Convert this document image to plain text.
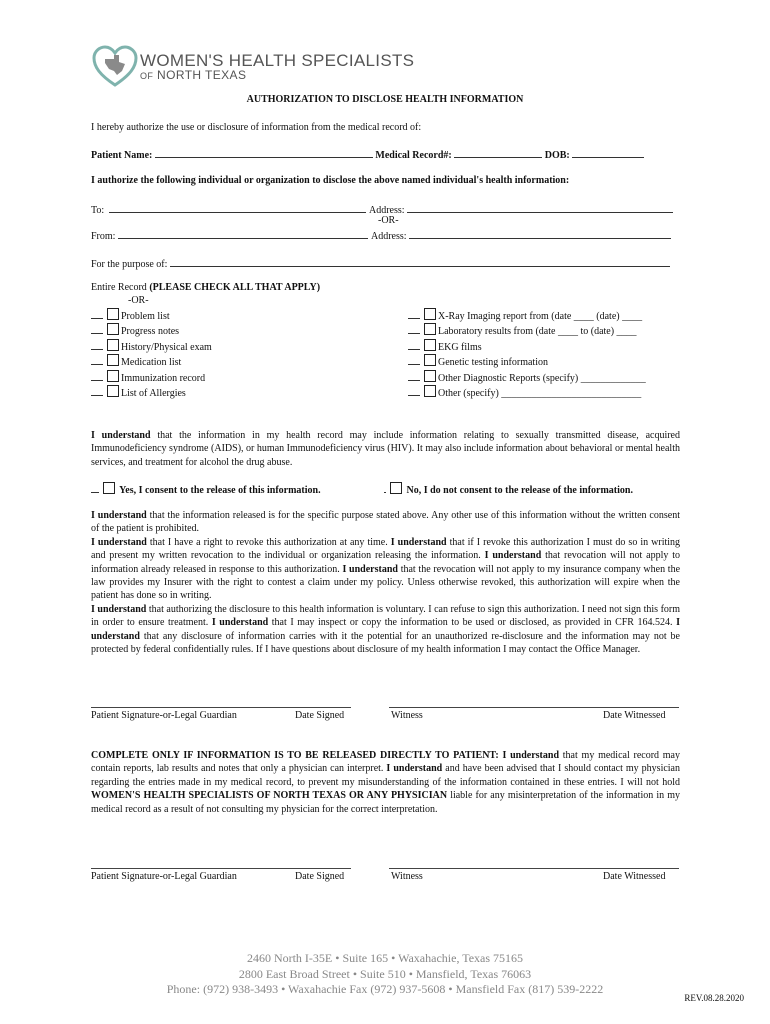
WOMEN'S HEALTH SPECIALISTS
OF NORTH TEXAS
AUTHORIZATION TO DISCLOSE HEALTH INFORMATION
I hereby authorize the use or disclosure of information from the medical record of:
Patient Name:	Medical Record#:	DOB:
I authorize the following individual or organization to disclose the above named individual's health information:
To:	Address:
-OR-
From:	Address:
For the purpose of:
Entire Record (PLEASE CHECK ALL THAT APPLY)
-OR-
Problem list
Progress notes
History/Physical exam
Medication list
Immunization record
List of Allergies
X-Ray Imaging report from (date ____ (date) ____
Laboratory results from (date ____ to (date) ____
EKG films
Genetic testing information
Other Diagnostic Reports (specify) _____________
Other (specify) ____________________________
I understand that the information in my health record may include information relating to sexually transmitted disease, acquired Immunodeficiency syndrome (AIDS), or human Immunodeficiency virus (HIV). It may also include information about behavioral or mental health services, and treatment for alcohol the drug abuse.
Yes, I consent to the release of this information.	No, I do not consent to the release of the information.
I understand that the information released is for the specific purpose stated above. Any other use of this information without the written consent of the patient is prohibited.
I understand that I have a right to revoke this authorization at any time. I understand that if I revoke this authorization I must do so in writing and present my written revocation to the individual or organization releasing the information. I understand that revocation will not apply to information already released in response to this authorization. I understand that the revocation will not apply to my insurance company when the law provides my Insurer with the right to contest a claim under my policy. Unless otherwise revoked, this authorization will expire when the patient has done so in writing.
I understand that authorizing the disclosure to this health information is voluntary. I can refuse to sign this authorization. I need not sign this form in order to ensure treatment. I understand that I may inspect or copy the information to be used or disclosed, as provided in CFR 164.524. I understand that any disclosure of information carries with it the potential for an unauthorized re-disclosure and the information may not be protected by federal confidentially rules. If I have questions about disclosure of my health information I may contact the Office Manager.
Patient Signature-or-Legal Guardian	Date Signed	Witness	Date Witnessed
COMPLETE ONLY IF INFORMATION IS TO BE RELEASED DIRECTLY TO PATIENT: I understand that my medical record may contain reports, lab results and notes that only a physician can interpret. I understand and have been advised that I should contact my physician regarding the entries made in my medical record, to prevent my misunderstanding of the information contained in these entries. I will not hold WOMEN'S HEALTH SPECIALISTS OF NORTH TEXAS OR ANY PHYSICIAN liable for any misinterpretation of the information in my medical record as a result of not consulting my physician for the correct interpretation.
Patient Signature-or-Legal Guardian	Date Signed	Witness	Date Witnessed
2460 North I-35E • Suite 165 • Waxahachie, Texas 75165
2800 East Broad Street • Suite 510 • Mansfield, Texas 76063
Phone: (972) 938-3493 • Waxahachie Fax (972) 937-5608 • Mansfield Fax (817) 539-2222
REV.08.28.2020
